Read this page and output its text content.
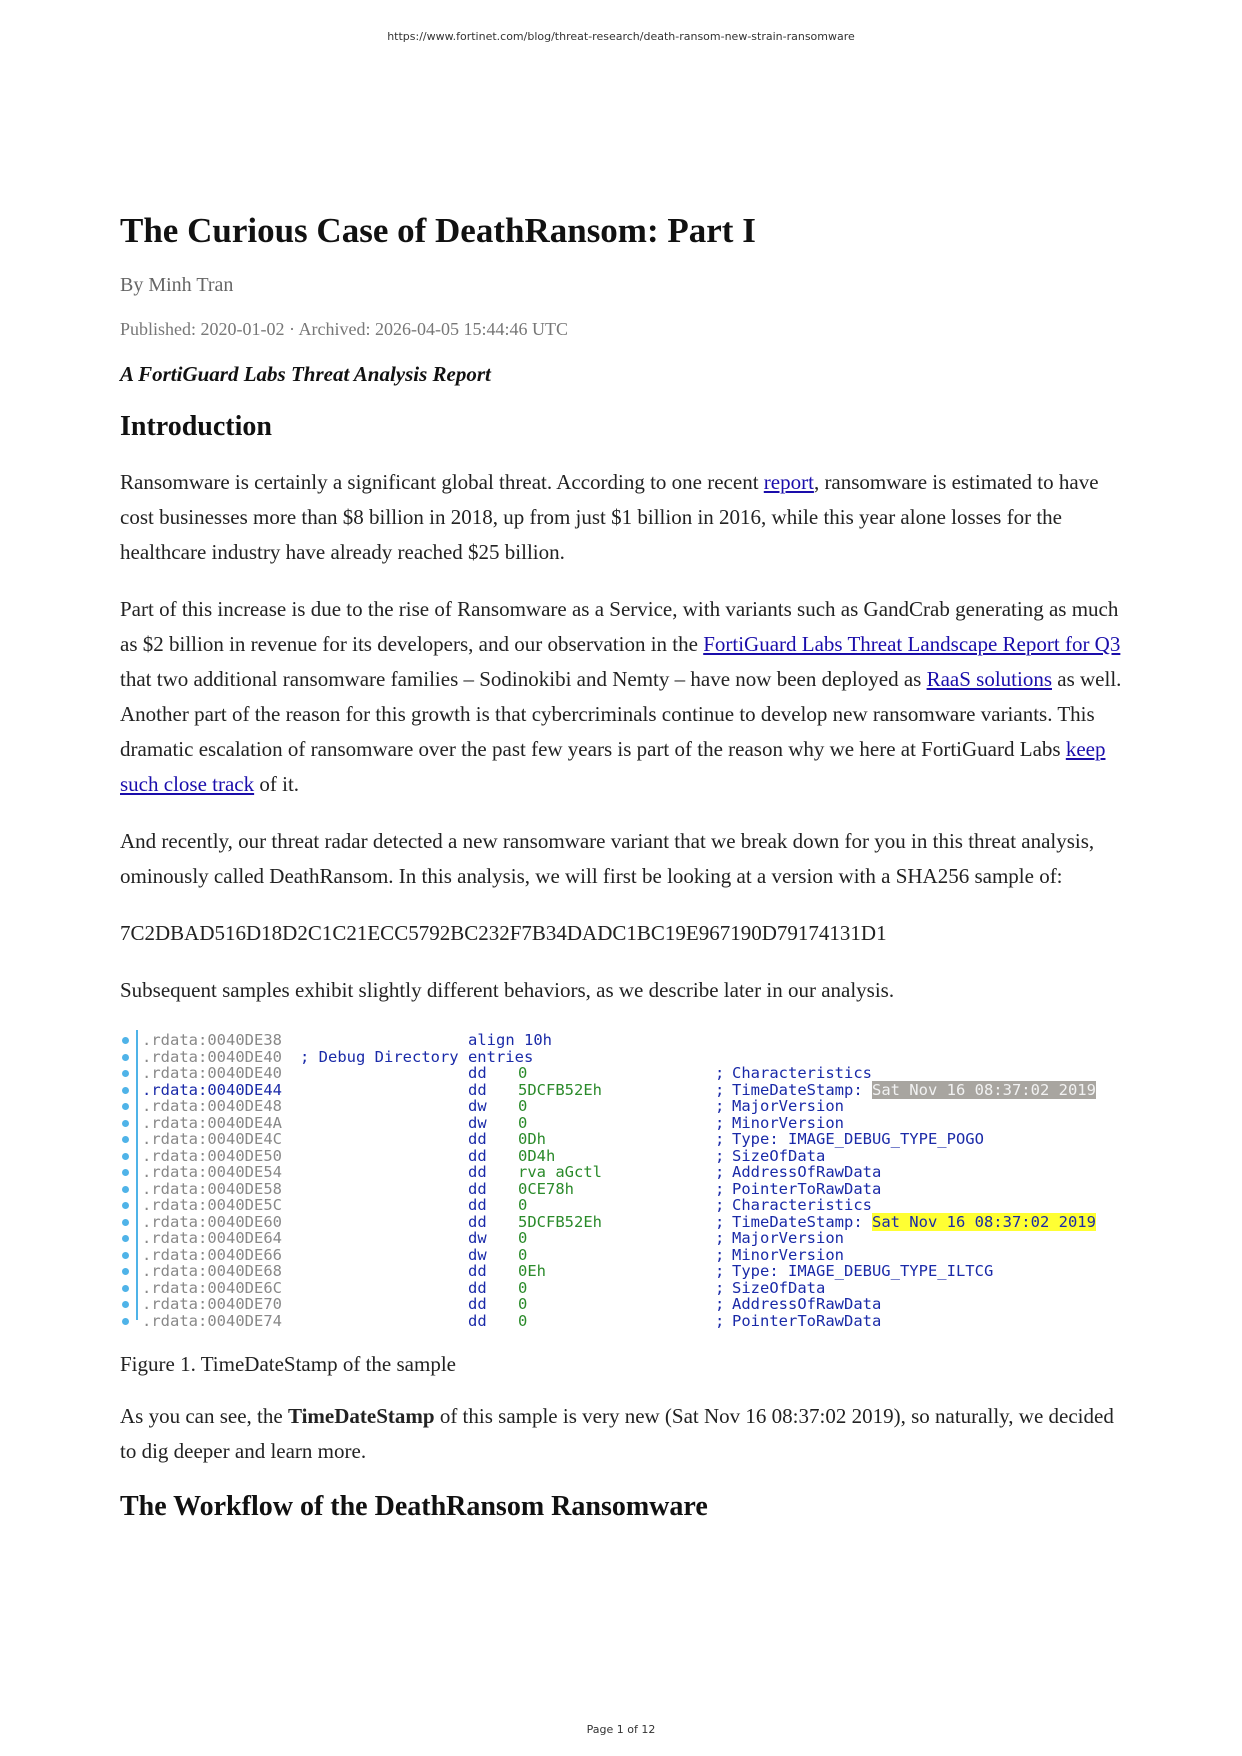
https://www.fortinet.com/blog/threat-research/death-ransom-new-strain-ransomware
The Curious Case of DeathRansom: Part I
By Minh Tran
Published: 2020-01-02 · Archived: 2026-04-05 15:44:46 UTC
A FortiGuard Labs Threat Analysis Report
Introduction

Ransomware is certainly a significant global threat. According to one recent report, ransomware is estimated to have cost businesses more than $8 billion in 2018, up from just $1 billion in 2016, while this year alone losses for the healthcare industry have already reached $25 billion.

Part of this increase is due to the rise of Ransomware as a Service, with variants such as GandCrab generating as much as $2 billion in revenue for its developers, and our observation in the FortiGuard Labs Threat Landscape Report for Q3 that two additional ransomware families – Sodinokibi and Nemty – have now been deployed as RaaS solutions as well. Another part of the reason for this growth is that cybercriminals continue to develop new ransomware variants. This dramatic escalation of ransomware over the past few years is part of the reason why we here at FortiGuard Labs keep such close track of it.

And recently, our threat radar detected a new ransomware variant that we break down for you in this threat analysis, ominously called DeathRansom. In this analysis, we will first be looking at a version with a SHA256 sample of:

7C2DBAD516D18D2C1C21ECC5792BC232F7B34DADC1BC19E967190D79174131D1

Subsequent samples exhibit slightly different behaviors, as we describe later in our analysis.

.rdata:0040DE38	align 10h
.rdata:0040DE40 ; Debug Directory entries
.rdata:0040DE40	dd 0	; Characteristics
.rdata:0040DE44	dd 5DCFB52Eh	; TimeDateStamp: Sat Nov 16 08:37:02 2019
.rdata:0040DE48	dw 0	; MajorVersion
.rdata:0040DE4A	dw 0	; MinorVersion
.rdata:0040DE4C	dd 0Dh	; Type: IMAGE_DEBUG_TYPE_POGO
.rdata:0040DE50	dd 0D4h	; SizeOfData
.rdata:0040DE54	dd rva aGctl	; AddressOfRawData
.rdata:0040DE58	dd 0CE78h	; PointerToRawData
.rdata:0040DE5C	dd 0	; Characteristics
.rdata:0040DE60	dd 5DCFB52Eh	; TimeDateStamp: Sat Nov 16 08:37:02 2019
.rdata:0040DE64	dw 0	; MajorVersion
.rdata:0040DE66	dw 0	; MinorVersion
.rdata:0040DE68	dd 0Eh	; Type: IMAGE_DEBUG_TYPE_ILTCG
.rdata:0040DE6C	dd 0	; SizeOfData
.rdata:0040DE70	dd 0	; AddressOfRawData
.rdata:0040DE74	dd 0	; PointerToRawData
Figure 1. TimeDateStamp of the sample

As you can see, the TimeDateStamp of this sample is very new (Sat Nov 16 08:37:02 2019), so naturally, we decided to dig deeper and learn more.

The Workflow of the DeathRansom Ransomware
Page 1 of 12
